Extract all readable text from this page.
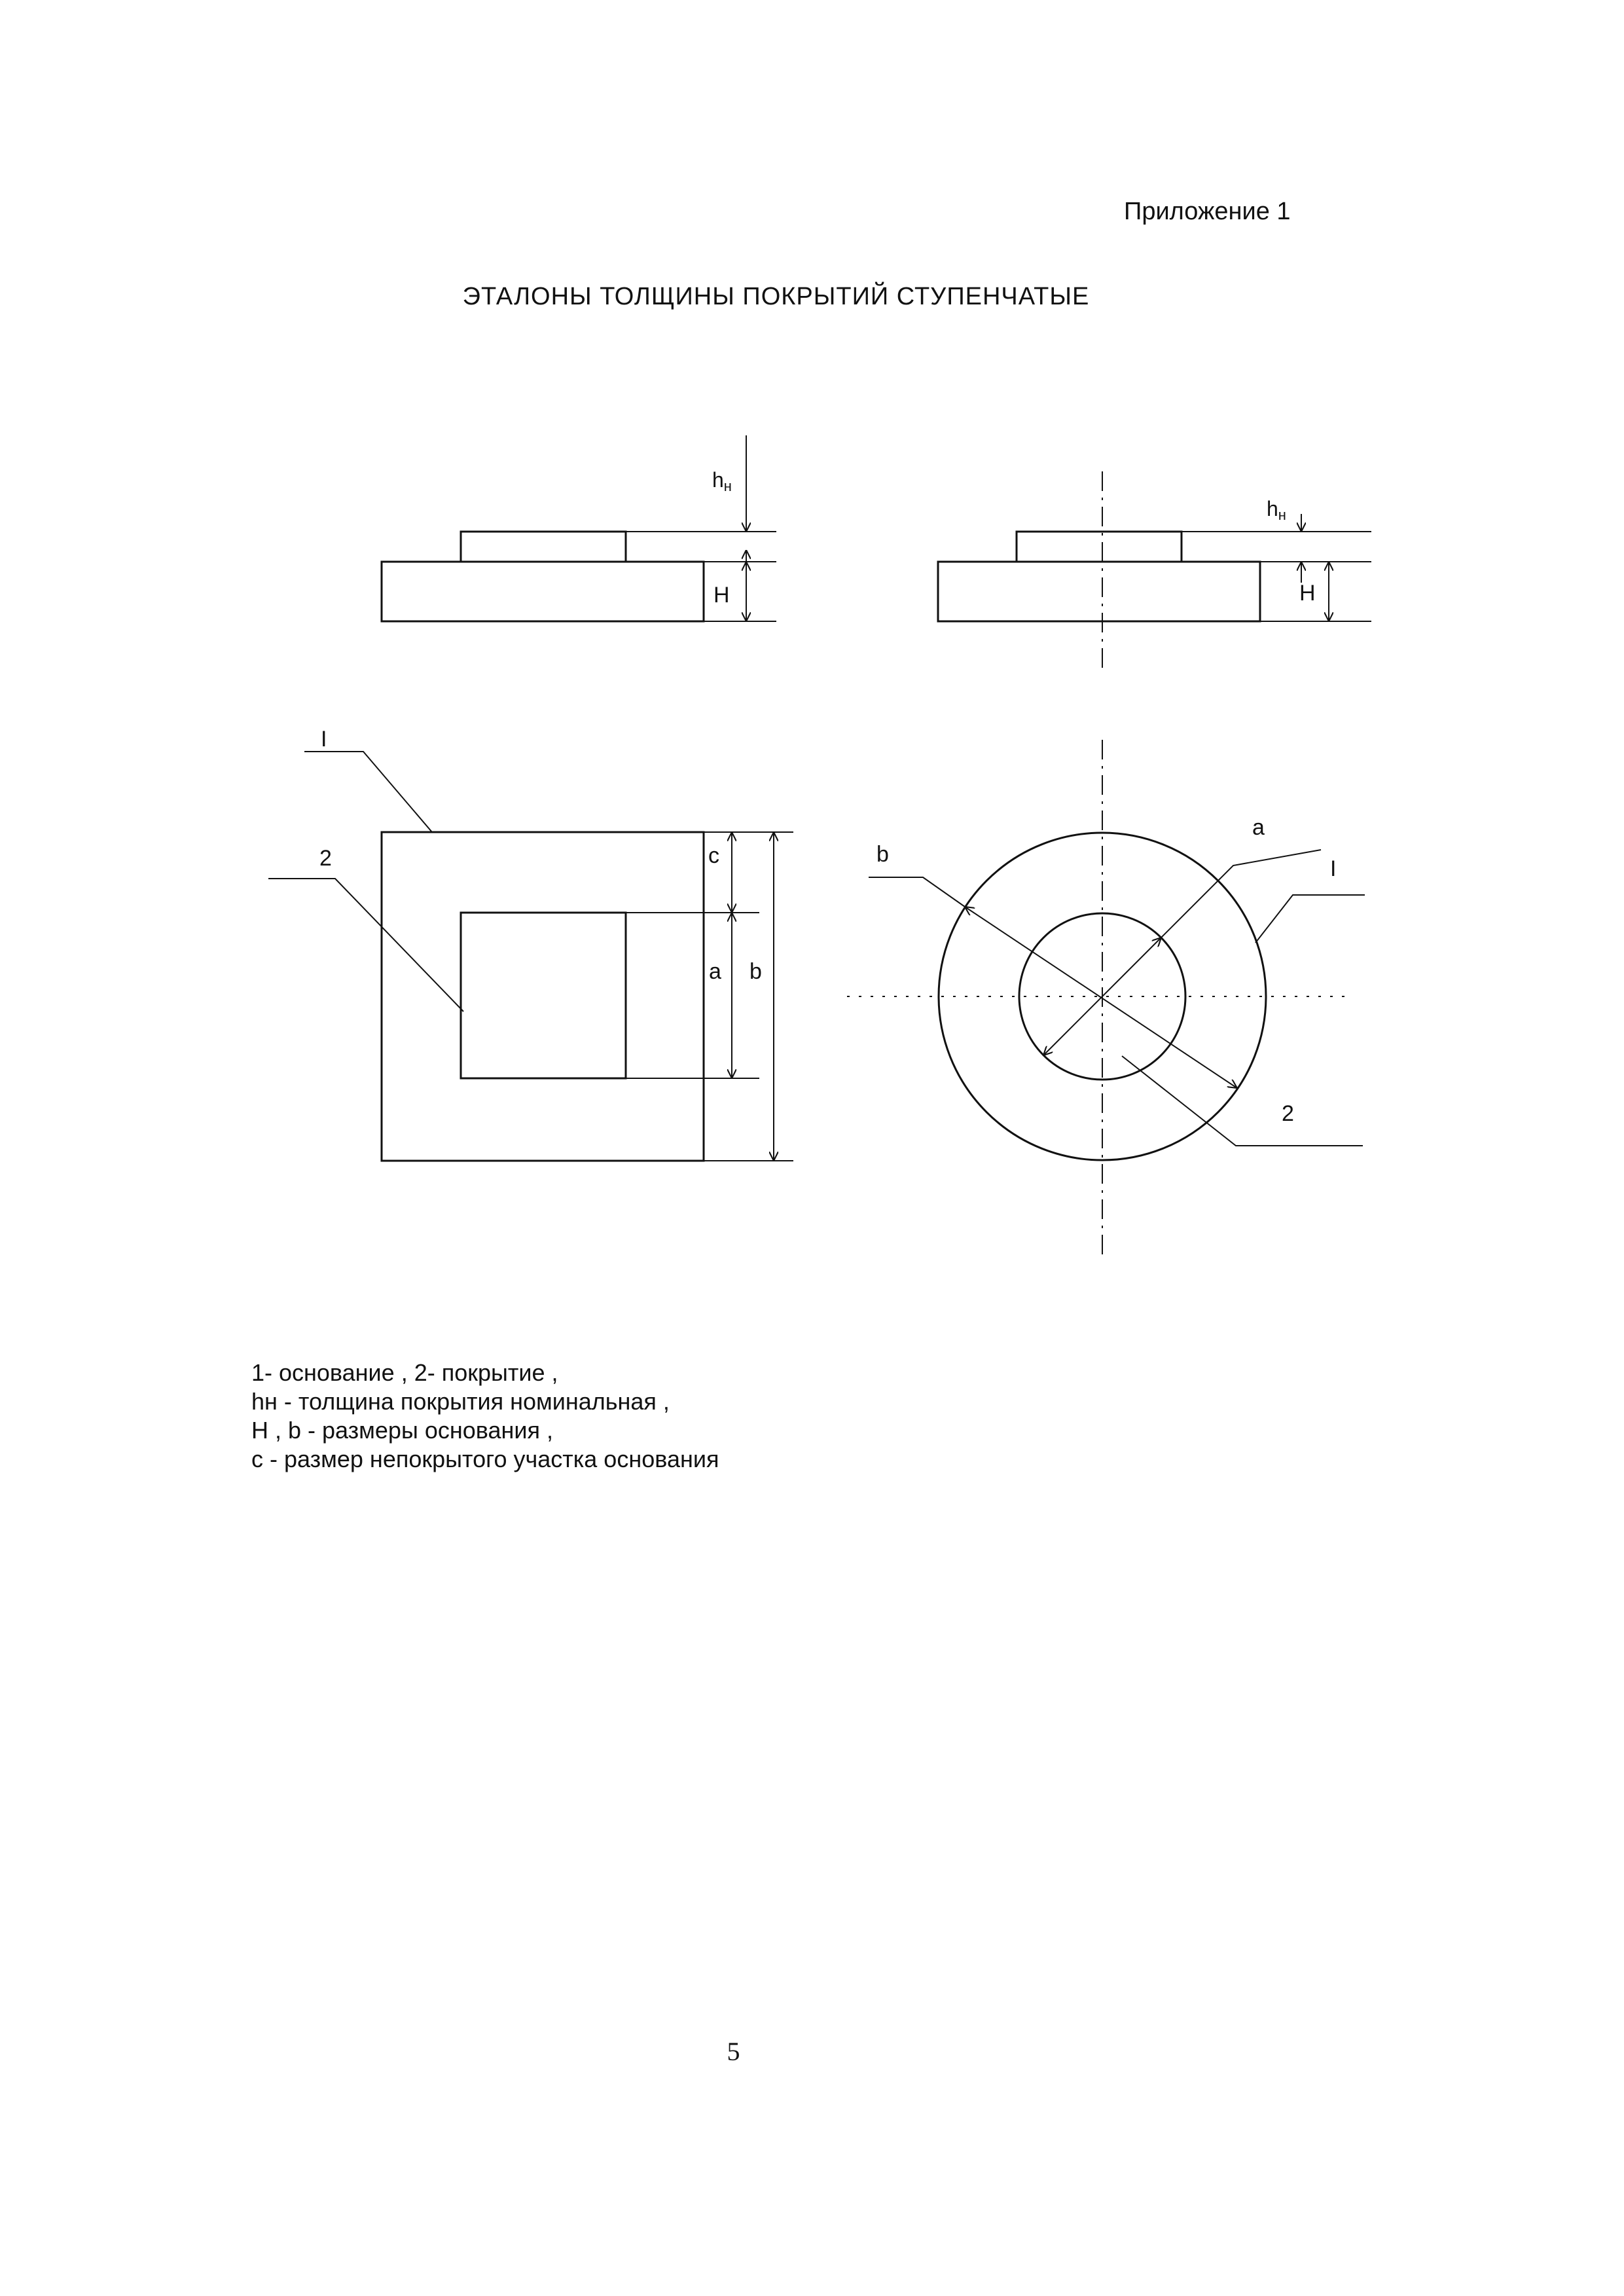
Приложение 1
ЭТАЛОНЫ ТОЛЩИНЫ ПОКРЫТИЙ СТУПЕНЧАТЫЕ
hн
H
hн
H
I
2	c
a b
a
b
I
2
1- основание , 2- покрытие ,
hн - толщина покрытия номинальная ,
H , b - размеры основания ,
c - размер непокрытого участка основания
5
